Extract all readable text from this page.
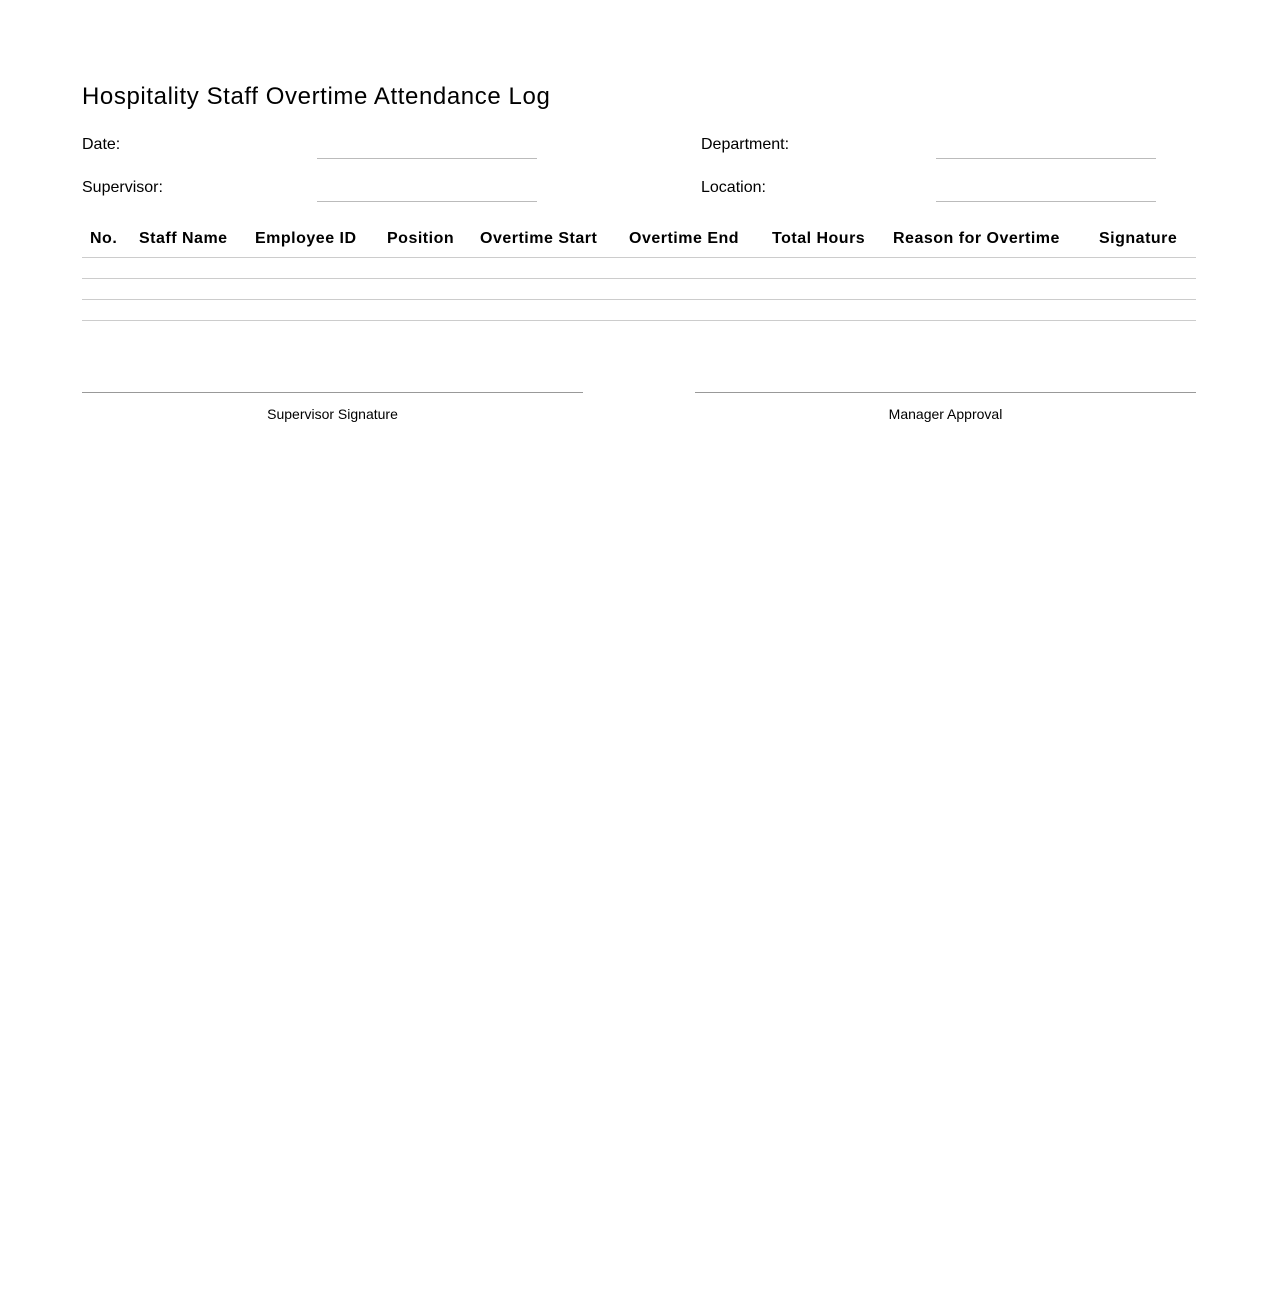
Hospitality Staff Overtime Attendance Log
Date:	Department:
Supervisor:	Location:
No.	Staff Name	Employee ID	Position	Overtime Start	Overtime End	Total Hours	Reason for Overtime	Signature

Supervisor Signature	Manager Approval
